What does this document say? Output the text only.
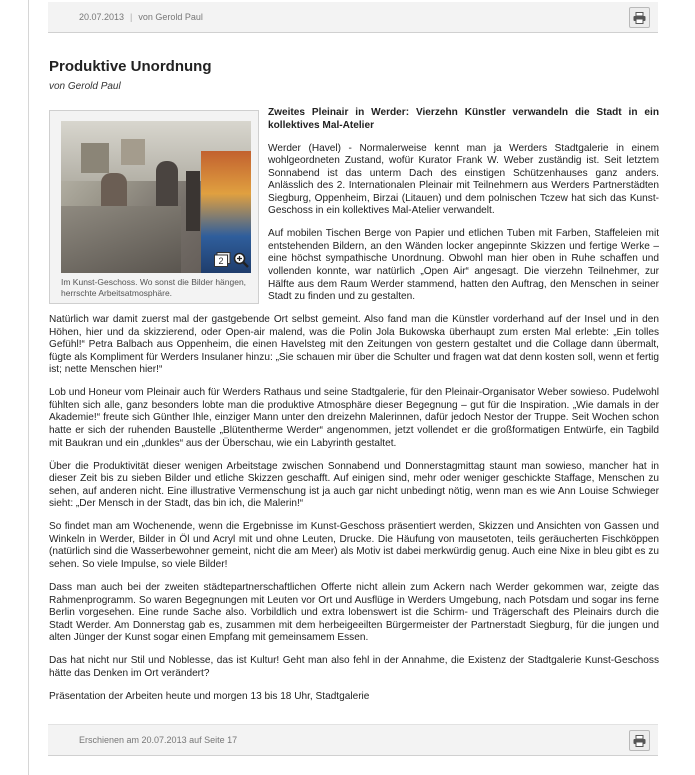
20.07.2013 | von Gerold Paul
Produktive Unordnung
von Gerold Paul
2
Im Kunst-Geschoss. Wo sonst die Bilder hängen, herrschte Arbeitsatmosphäre.

Zweites Pleinair in Werder: Vierzehn Künstler verwandeln die Stadt in ein kollektives Mal-Atelier

Werder (Havel) - Normalerweise kennt man ja Werders Stadtgalerie in einem wohlgeordneten Zustand, wofür Kurator Frank W. Weber zuständig ist. Seit letztem Sonnabend ist das unterm Dach des einstigen Schützenhauses ganz anders. Anlässlich des 2. Internationalen Pleinair mit Teilnehmern aus Werders Partnerstädten Siegburg, Oppenheim, Birzai (Litauen) und dem polnischen Tczew hat sich das Kunst-Geschoss in ein kollektives Mal-Atelier verwandelt.

Auf mobilen Tischen Berge von Papier und etlichen Tuben mit Farben, Staffeleien mit entstehenden Bildern, an den Wänden locker angepinnte Skizzen und fertige Werke – eine höchst sympathische Unordnung. Obwohl man hier oben in Ruhe schaffen und vollenden konnte, war natürlich „Open Air“ angesagt. Die vierzehn Teilnehmer, zur Hälfte aus dem Raum Werder stammend, hatten den Auftrag, den Menschen in seiner Stadt zu finden und zu gestalten.

Natürlich war damit zuerst mal der gastgebende Ort selbst gemeint. Also fand man die Künstler vorderhand auf der Insel und in den Höhen, hier und da skizzierend, oder Open-air malend, was die Polin Jola Bukowska überhaupt zum ersten Mal erlebte: „Ein tolles Gefühl!“ Petra Balbach aus Oppenheim, die einen Havelsteg mit den Zeitungen von gestern gestaltet und die Collage dann übermalt, fügte als Kompliment für Werders Insulaner hinzu: „Sie schauen mir über die Schulter und fragen wat dat denn kosten soll, wenn et fertig ist; nette Menschen hier!“

Lob und Honeur vom Pleinair auch für Werders Rathaus und seine Stadtgalerie, für den Pleinair-Organisator Weber sowieso. Pudelwohl fühlten sich alle, ganz besonders lobte man die produktive Atmosphäre dieser Begegnung – gut für die Inspiration. „Wie damals in der Akademie!“ freute sich Günther Ihle, einziger Mann unter den dreizehn Malerinnen, dafür jedoch Nestor der Truppe. Seit Wochen schon hatte er sich der ruhenden Baustelle „Blütentherme Werder“ angenommen, jetzt vollendet er die großformatigen Entwürfe, ein Tagbild mit Baukran und ein „dunkles“ aus der Überschau, wie ein Labyrinth gestaltet.

Über die Produktivität dieser wenigen Arbeitstage zwischen Sonnabend und Donnerstagmittag staunt man sowieso, mancher hat in dieser Zeit bis zu sieben Bilder und etliche Skizzen geschafft. Auf einigen sind, mehr oder weniger geschickte Staffage, Menschen zu sehen, auf anderen nicht. Eine illustrative Vermenschung ist ja auch gar nicht unbedingt nötig, wenn man es wie Ann Louise Schwieger sieht: „Der Mensch in der Stadt, das bin ich, die Malerin!“

So findet man am Wochenende, wenn die Ergebnisse im Kunst-Geschoss präsentiert werden, Skizzen und Ansichten von Gassen und Winkeln in Werder, Bilder in Öl und Acryl mit und ohne Leuten, Drucke. Die Häufung von mausetoten, teils geräucherten Fischköppen (natürlich sind die Wasserbewohner gemeint, nicht die am Meer) als Motiv ist dabei merkwürdig genug. Auch eine Nixe in bleu gibt es zu sehen. So viele Impulse, so viele Bilder!

Dass man auch bei der zweiten städtepartnerschaftlichen Offerte nicht allein zum Ackern nach Werder gekommen war, zeigte das Rahmenprogramm. So waren Begegnungen mit Leuten vor Ort und Ausflüge in Werders Umgebung, nach Potsdam und sogar ins ferne Berlin vorgesehen. Eine runde Sache also. Vorbildlich und extra lobenswert ist die Schirm- und Trägerschaft des Pleinairs durch die Stadt Werder. Am Donnerstag gab es, zusammen mit dem herbeigeeilten Bürgermeister der Partnerstadt Siegburg, für die jungen und alten Jünger der Kunst sogar einen Empfang mit gemeinsamem Essen.

Das hat nicht nur Stil und Noblesse, das ist Kultur! Geht man also fehl in der Annahme, die Existenz der Stadtgalerie Kunst-Geschoss hätte das Denken im Ort verändert?

Präsentation der Arbeiten heute und morgen 13 bis 18 Uhr, Stadtgalerie

Erschienen am 20.07.2013 auf Seite 17
